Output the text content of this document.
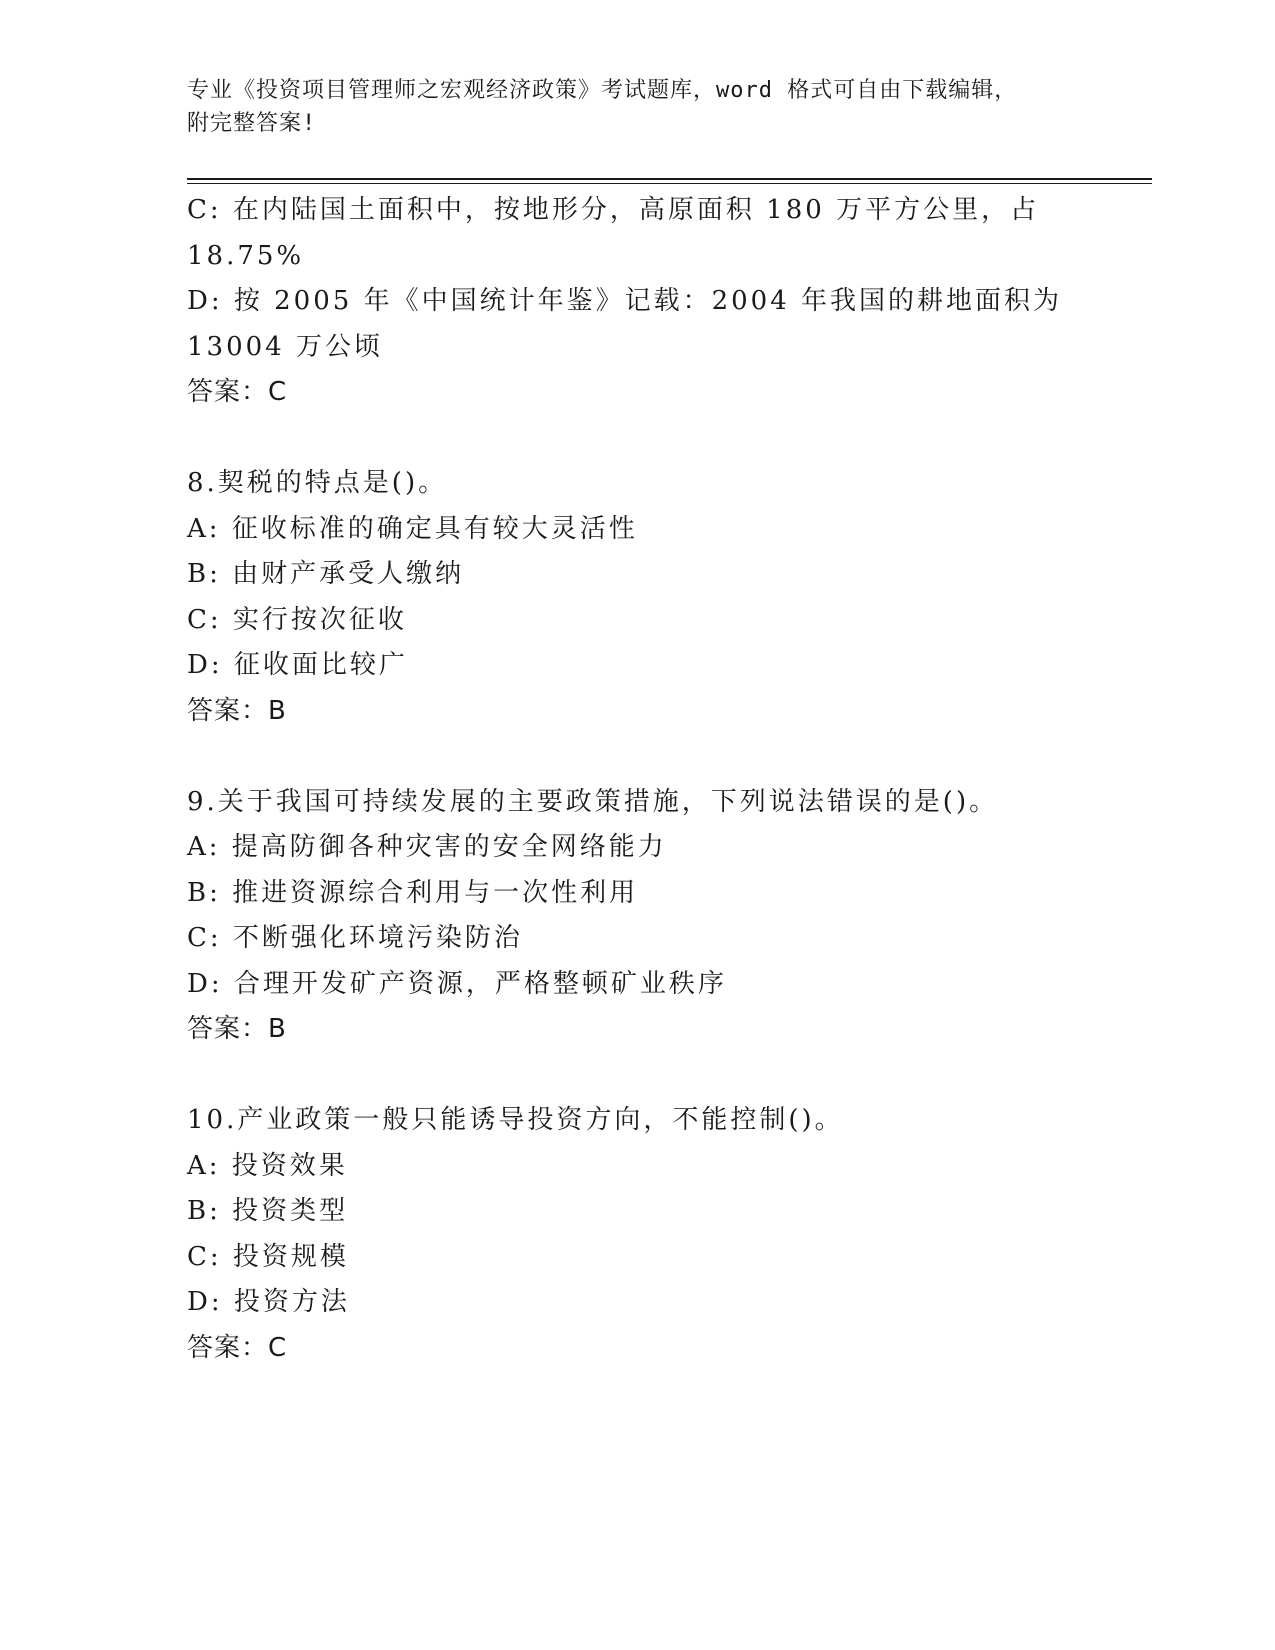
专业《投资项目管理师之宏观经济政策》考试题库，word 格式可自由下载编辑，
附完整答案!
C: 在内陆国土面积中，按地形分，高原面积 180 万平方公里，占
18.75%
D: 按 2005 年《中国统计年鉴》记载：2004 年我国的耕地面积为
13004 万公顷
答案：C
8.契税的特点是()。
A: 征收标准的确定具有较大灵活性
B: 由财产承受人缴纳
C: 实行按次征收
D: 征收面比较广
答案：B
9.关于我国可持续发展的主要政策措施，下列说法错误的是()。
A: 提高防御各种灾害的安全网络能力
B: 推进资源综合利用与一次性利用
C: 不断强化环境污染防治
D: 合理开发矿产资源，严格整顿矿业秩序
答案：B
10.产业政策一般只能诱导投资方向，不能控制()。
A: 投资效果
B: 投资类型
C: 投资规模
D: 投资方法
答案：C
